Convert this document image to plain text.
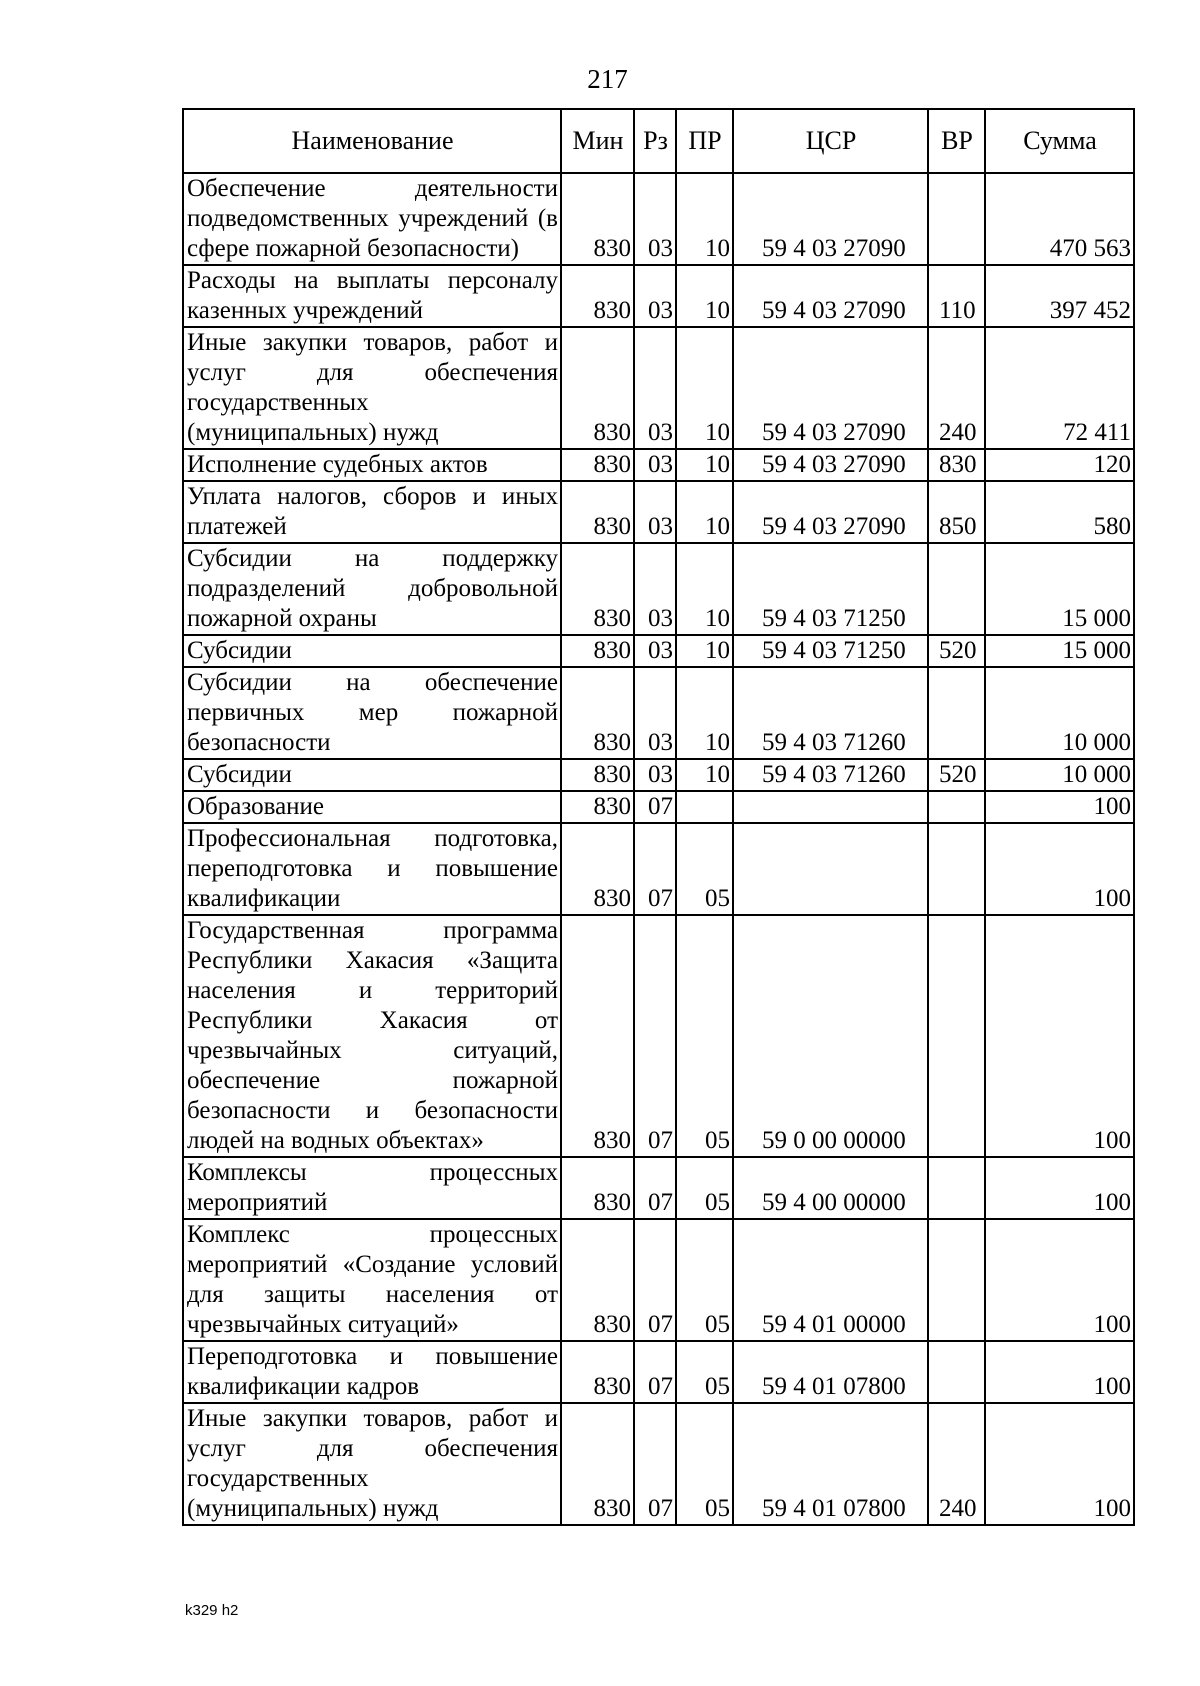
217
Наименование	Мин	Рз	ПР	ЦСР	ВР	Сумма
Обеспечение деятельности подведомственных учреждений (в сфере пожарной безопасности)	830	03	10	59 4 03 27090		470 563
Расходы на выплаты персоналу казенных учреждений	830	03	10	59 4 03 27090	110	397 452
Иные закупки товаров, работ и услуг для обеспечения государственных (муниципальных) нужд	830	03	10	59 4 03 27090	240	72 411
Исполнение судебных актов	830	03	10	59 4 03 27090	830	120
Уплата налогов, сборов и иных платежей	830	03	10	59 4 03 27090	850	580
Субсидии на поддержку подразделений добровольной пожарной охраны	830	03	10	59 4 03 71250		15 000
Субсидии	830	03	10	59 4 03 71250	520	15 000
Субсидии на обеспечение первичных мер пожарной безопасности	830	03	10	59 4 03 71260		10 000
Субсидии	830	03	10	59 4 03 71260	520	10 000
Образование	830	07				100
Профессиональная подготовка, переподготовка и повышение квалификации	830	07	05			100
Государственная программа Республики Хакасия «Защита населения и территорий Республики Хакасия от чрезвычайных ситуаций, обеспечение пожарной безопасности и безопасности людей на водных объектах»	830	07	05	59 0 00 00000		100
Комплексы процессных мероприятий	830	07	05	59 4 00 00000		100
Комплекс процессных мероприятий «Создание условий для защиты населения от чрезвычайных ситуаций»	830	07	05	59 4 01 00000		100
Переподготовка и повышение квалификации кадров	830	07	05	59 4 01 07800		100
Иные закупки товаров, работ и услуг для обеспечения государственных (муниципальных) нужд	830	07	05	59 4 01 07800	240	100
k329 h2
